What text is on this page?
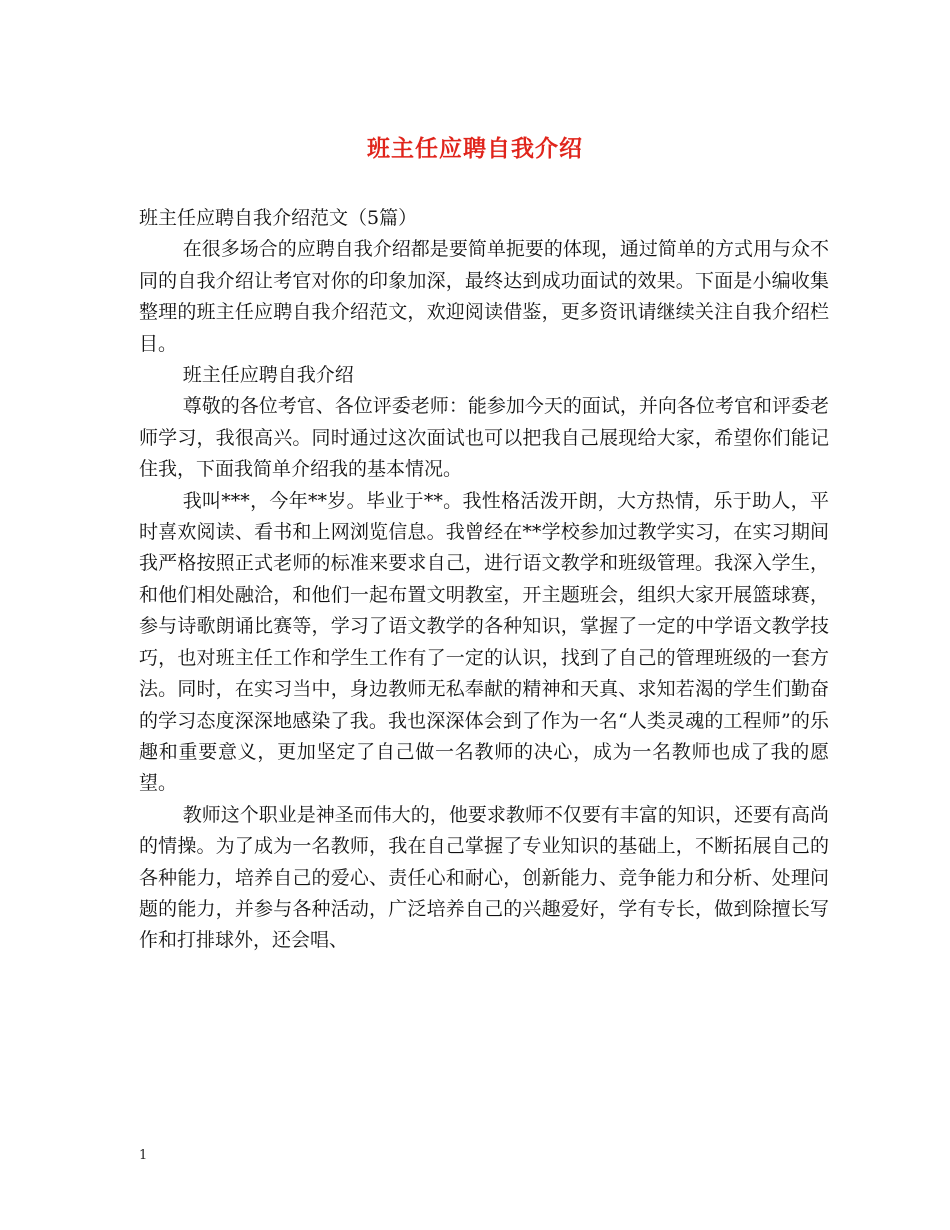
班主任应聘自我介绍

班主任应聘自我介绍范文（5篇）

在很多场合的应聘自我介绍都是要简单扼要的体现，通过简单的方式用与众不同的自我介绍让考官对你的印象加深，最终达到成功面试的效果。下面是小编收集整理的班主任应聘自我介绍范文，欢迎阅读借鉴，更多资讯请继续关注自我介绍栏目。

班主任应聘自我介绍

尊敬的各位考官、各位评委老师：能参加今天的面试，并向各位考官和评委老师学习，我很高兴。同时通过这次面试也可以把我自己展现给大家，希望你们能记住我，下面我简单介绍我的基本情况。

我叫***，今年**岁。毕业于**。我性格活泼开朗，大方热情，乐于助人，平时喜欢阅读、看书和上网浏览信息。我曾经在**学校参加过教学实习，在实习期间我严格按照正式老师的标准来要求自己，进行语文教学和班级管理。我深入学生，和他们相处融洽，和他们一起布置文明教室，开主题班会，组织大家开展篮球赛，参与诗歌朗诵比赛等，学习了语文教学的各种知识，掌握了一定的中学语文教学技巧，也对班主任工作和学生工作有了一定的认识，找到了自己的管理班级的一套方法。同时，在实习当中，身边教师无私奉献的精神和天真、求知若渴的学生们勤奋的学习态度深深地感染了我。我也深深体会到了作为一名“人类灵魂的工程师”的乐趣和重要意义，更加坚定了自己做一名教师的决心，成为一名教师也成了我的愿望。

教师这个职业是神圣而伟大的，他要求教师不仅要有丰富的知识，还要有高尚的情操。为了成为一名教师，我在自己掌握了专业知识的基础上，不断拓展自己的各种能力，培养自己的爱心、责任心和耐心，创新能力、竞争能力和分析、处理问题的能力，并参与各种活动，广泛培养自己的兴趣爱好，学有专长，做到除擅长写作和打排球外，还会唱、

1
